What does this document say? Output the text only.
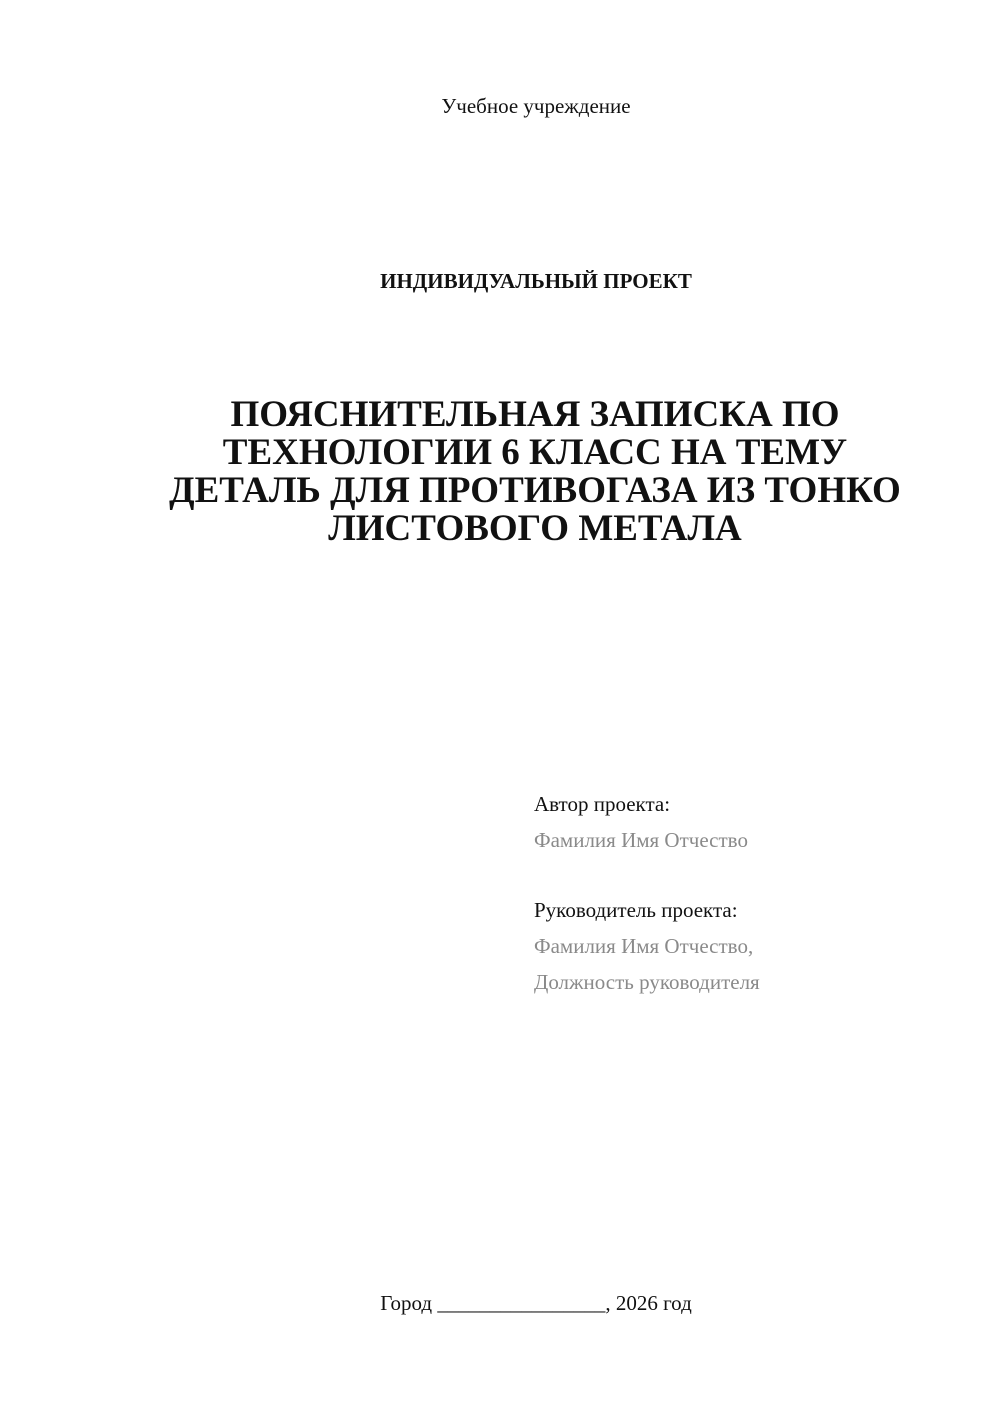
Учебное учреждение
ИНДИВИДУАЛЬНЫЙ ПРОЕКТ
ПОЯСНИТЕЛЬНАЯ ЗАПИСКА ПО
ТЕХНОЛОГИИ 6 КЛАСС НА ТЕМУ
ДЕТАЛЬ ДЛЯ ПРОТИВОГАЗА ИЗ ТОНКО
ЛИСТОВОГО МЕТАЛА
Автор проекта:
Фамилия Имя Отчество
Руководитель проекта:
Фамилия Имя Отчество,
Должность руководителя
Город ________________, 2026 год
